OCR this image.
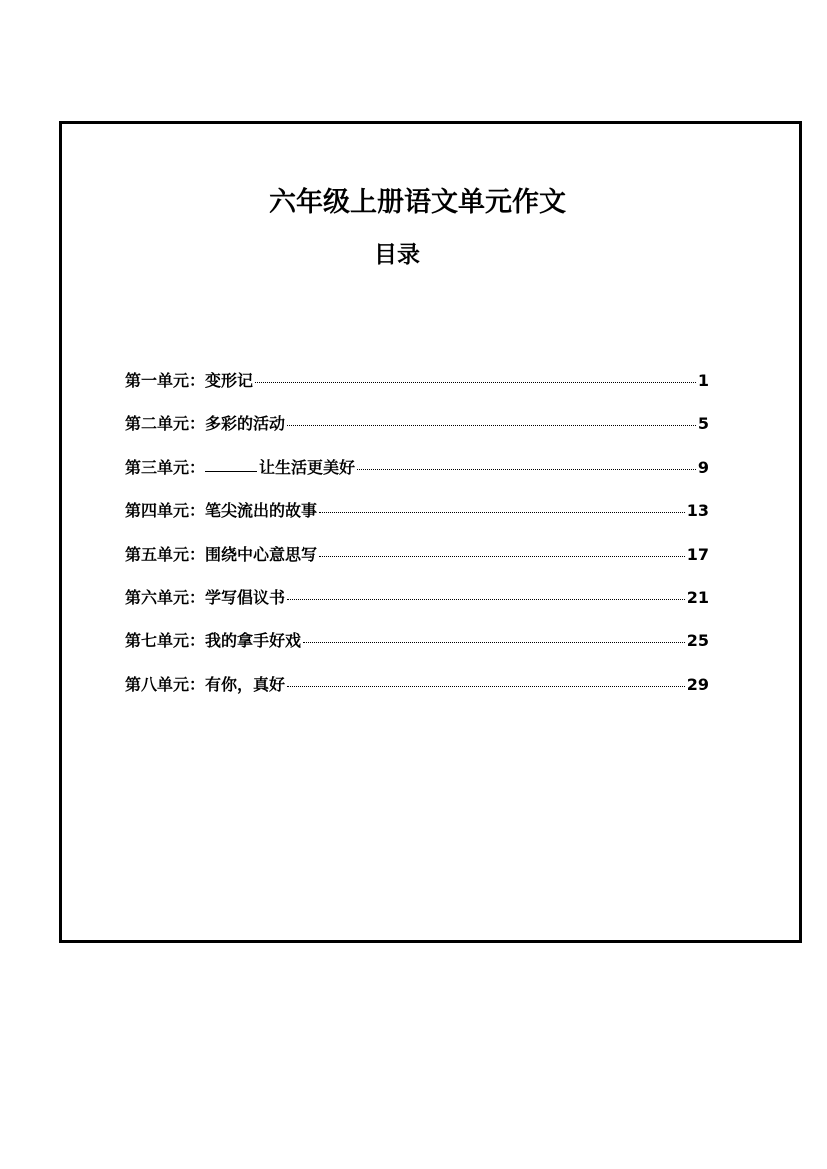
六年级上册语文单元作文
目录
第一单元： 变形记	1
第二单元： 多彩的活动	5
第三单元：	让生活更美好	9
第四单元： 笔尖流出的故事	13
第五单元： 围绕中心意思写	17
第六单元： 学写倡议书	21
第七单元： 我的拿手好戏	25
第八单元： 有你，真好	29
